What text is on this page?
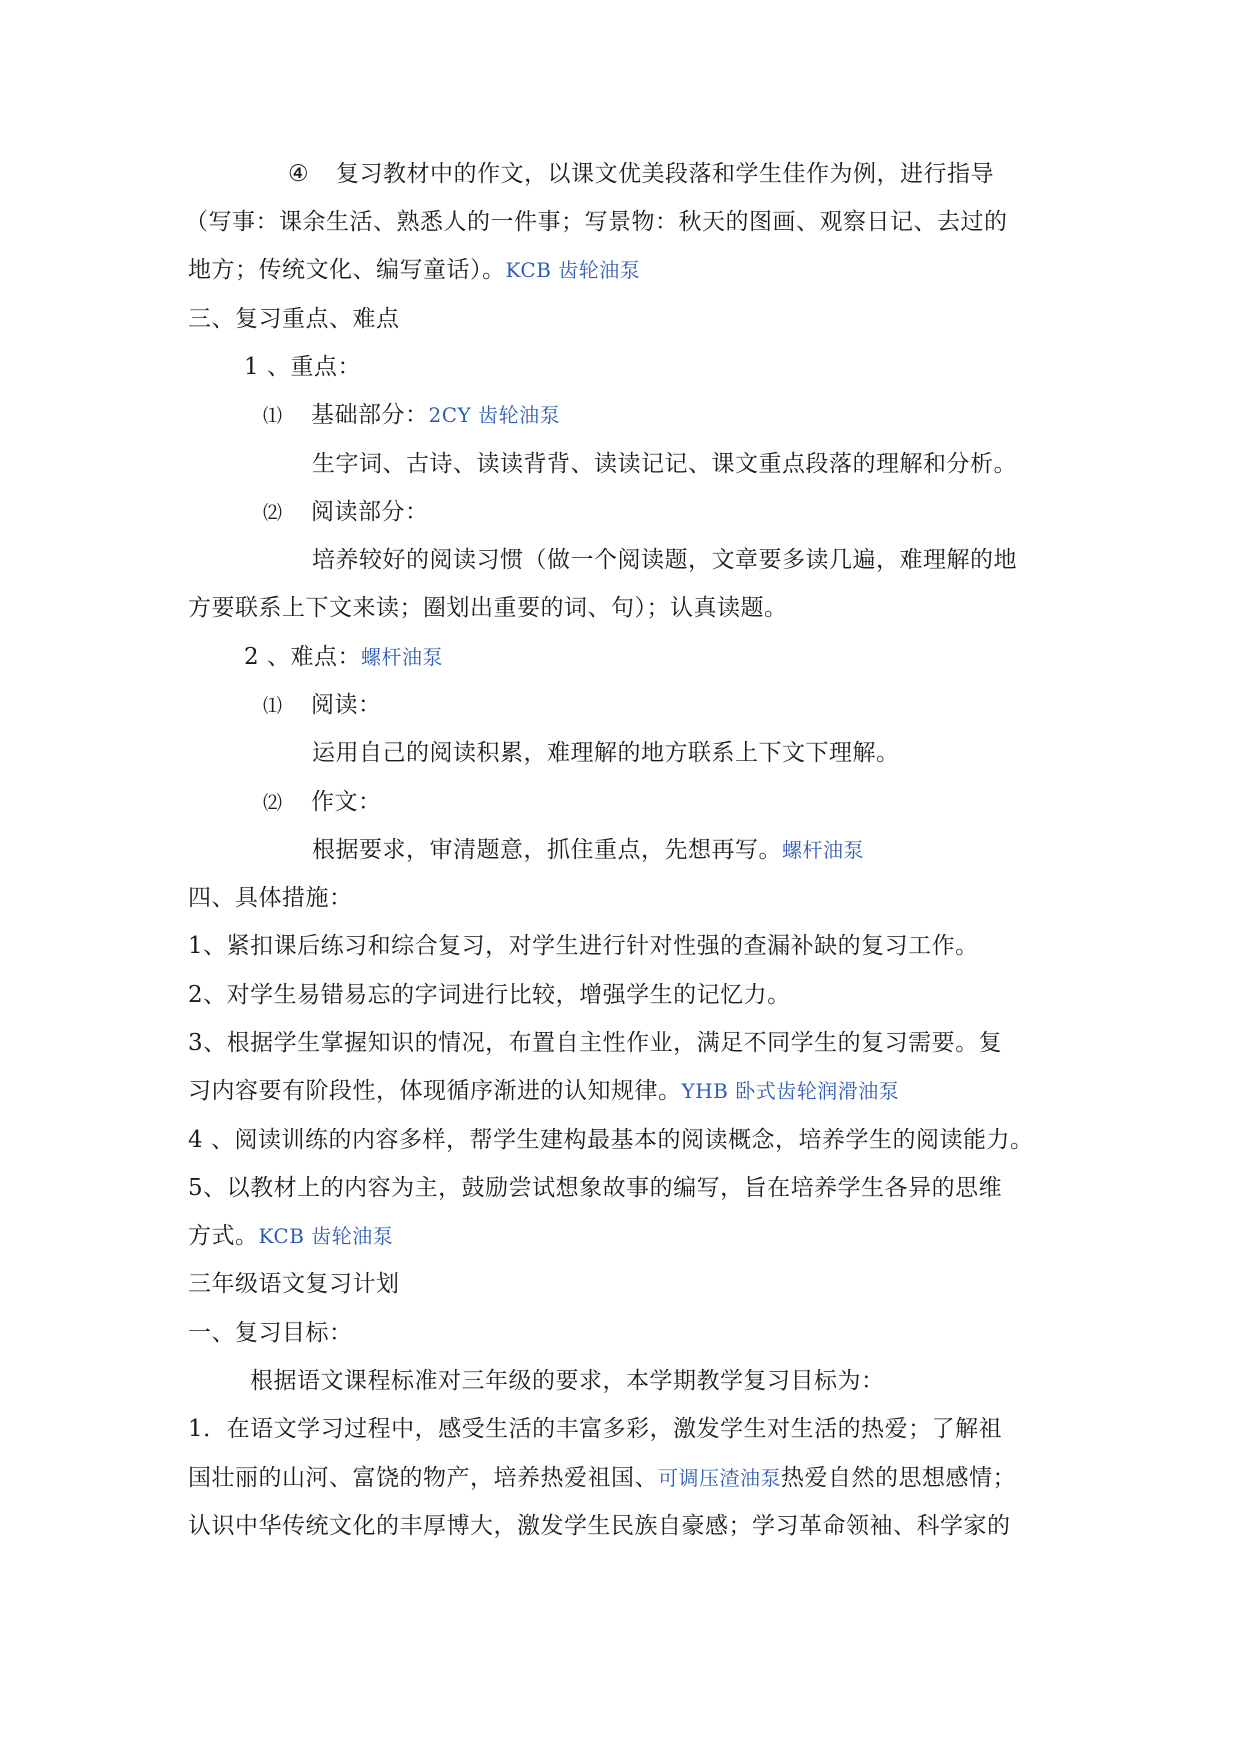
④ 复习教材中的作文，以课文优美段落和学生佳作为例，进行指导
（写事：课余生活、熟悉人的一件事；写景物：秋天的图画、观察日记、去过的
地方；传统文化、编写童话）。KCB 齿轮油泵
三、复习重点、难点
1 、重点：
⑴ 基础部分：2CY 齿轮油泵
生字词、古诗、读读背背、读读记记、课文重点段落的理解和分析。
⑵ 阅读部分：
培养较好的阅读习惯（做一个阅读题，文章要多读几遍，难理解的地
方要联系上下文来读；圈划出重要的词、句）；认真读题。
2 、难点：螺杆油泵
⑴ 阅读：
运用自己的阅读积累，难理解的地方联系上下文下理解。
⑵ 作文：
根据要求，审清题意，抓住重点，先想再写。螺杆油泵
四、具体措施：
1、紧扣课后练习和综合复习，对学生进行针对性强的查漏补缺的复习工作。
2、对学生易错易忘的字词进行比较，增强学生的记忆力。
3、根据学生掌握知识的情况，布置自主性作业，满足不同学生的复习需要。复
习内容要有阶段性，体现循序渐进的认知规律。YHB 卧式齿轮润滑油泵
4 、阅读训练的内容多样，帮学生建构最基本的阅读概念，培养学生的阅读能力。
5、以教材上的内容为主，鼓励尝试想象故事的编写，旨在培养学生各异的思维
方式。KCB 齿轮油泵
三年级语文复习计划
一、复习目标：
根据语文课程标准对三年级的要求，本学期教学复习目标为：
1．在语文学习过程中，感受生活的丰富多彩，激发学生对生活的热爱；了解祖
国壮丽的山河、富饶的物产，培养热爱祖国、可调压渣油泵热爱自然的思想感情；
认识中华传统文化的丰厚博大，激发学生民族自豪感；学习革命领袖、科学家的
